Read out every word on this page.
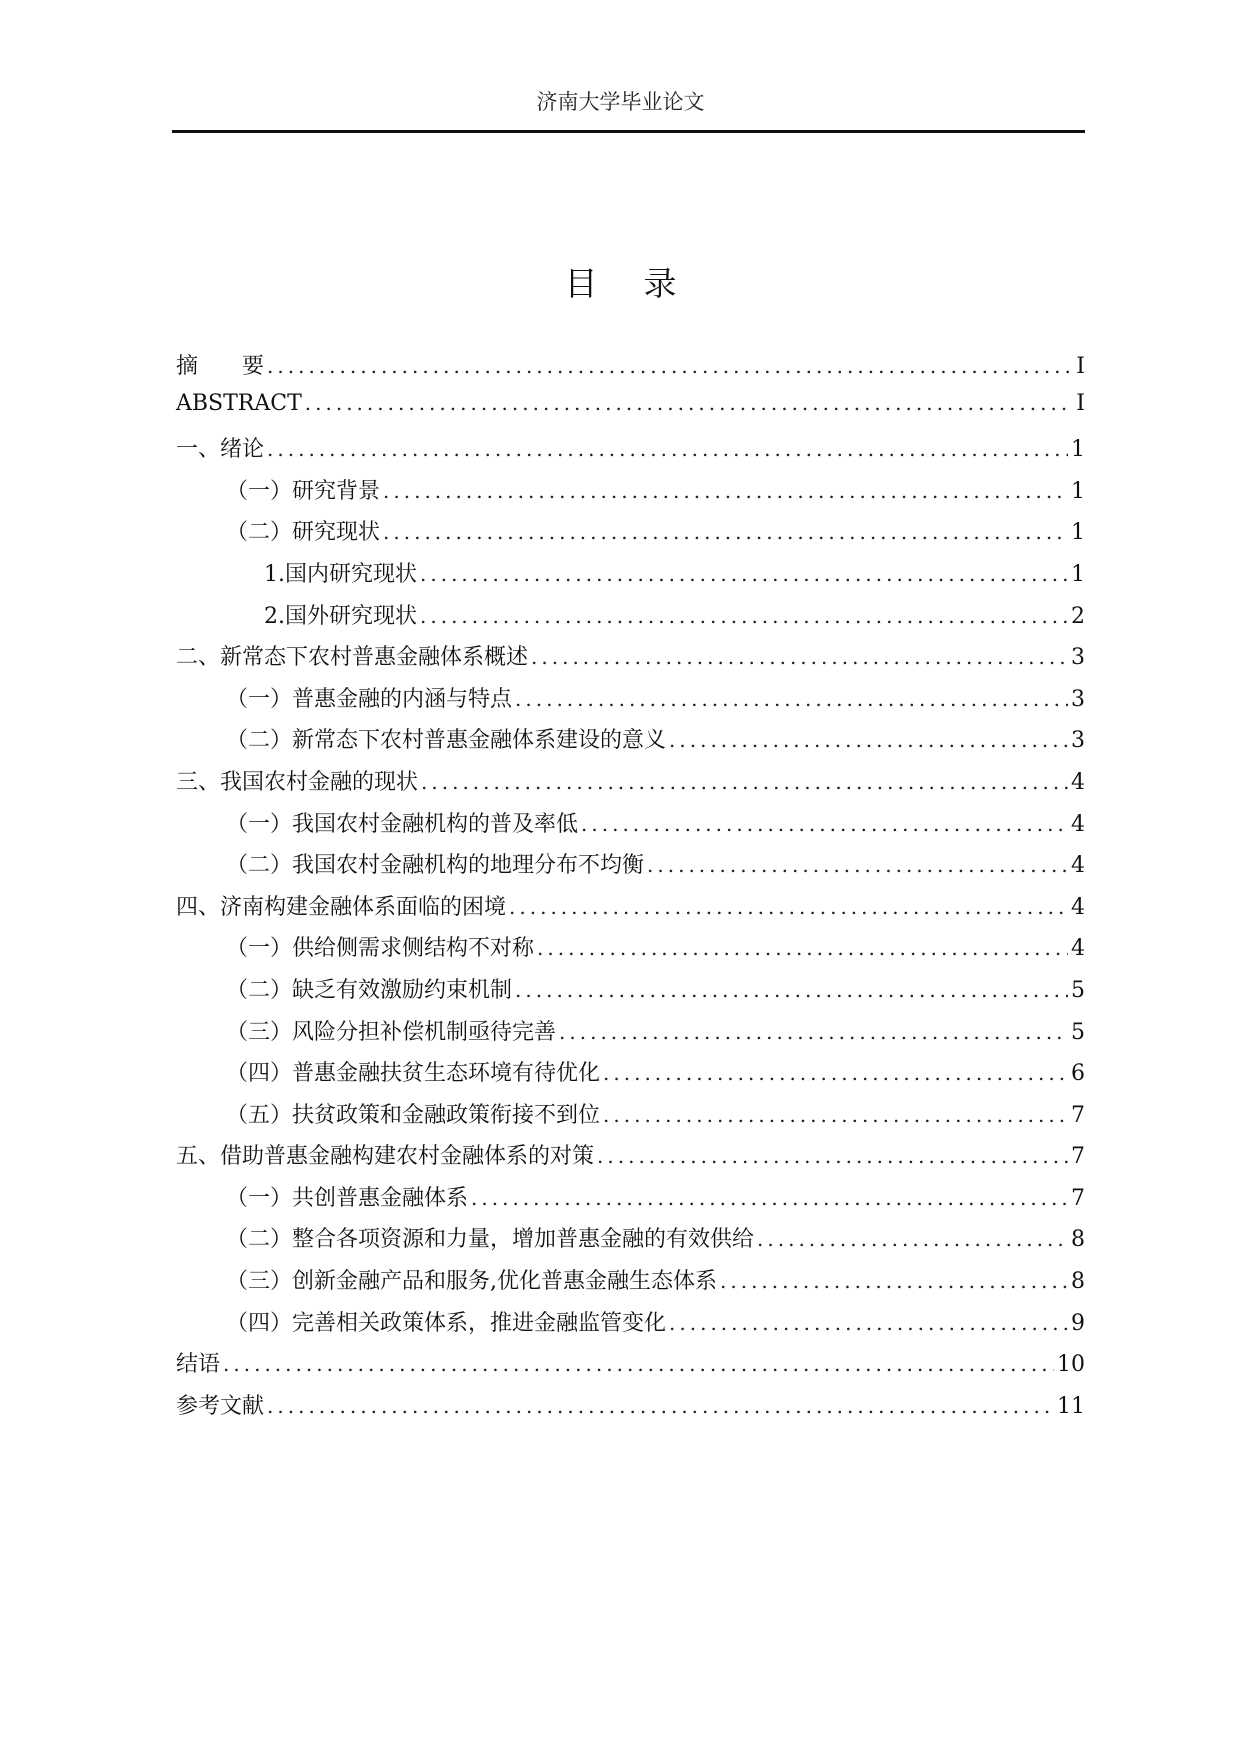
济南大学毕业论文
目录
摘　　要 .....	I
ABSTRACT .....	I
一、绪论 .....	1
（一）研究背景 .....	1
（二）研究现状 .....	1
1.国内研究现状 .....	1
2.国外研究现状 .....	2
二、新常态下农村普惠金融体系概述 .....	3
（一）普惠金融的内涵与特点 .....	3
（二）新常态下农村普惠金融体系建设的意义 .....	3
三、我国农村金融的现状 .....	4
（一）我国农村金融机构的普及率低 .....	4
（二）我国农村金融机构的地理分布不均衡 .....	4
四、济南构建金融体系面临的困境 .....	4
（一）供给侧需求侧结构不对称 .....	4
（二）缺乏有效激励约束机制 .....	5
（三）风险分担补偿机制亟待完善 .....	5
（四）普惠金融扶贫生态环境有待优化 .....	6
（五）扶贫政策和金融政策衔接不到位 .....	7
五、借助普惠金融构建农村金融体系的对策 .....	7
（一）共创普惠金融体系 .....	7
（二）整合各项资源和力量，增加普惠金融的有效供给 .....	8
（三）创新金融产品和服务,优化普惠金融生态体系 .....	8
（四）完善相关政策体系，推进金融监管变化 .....	9
结语 .....	10
参考文献 .....	11
